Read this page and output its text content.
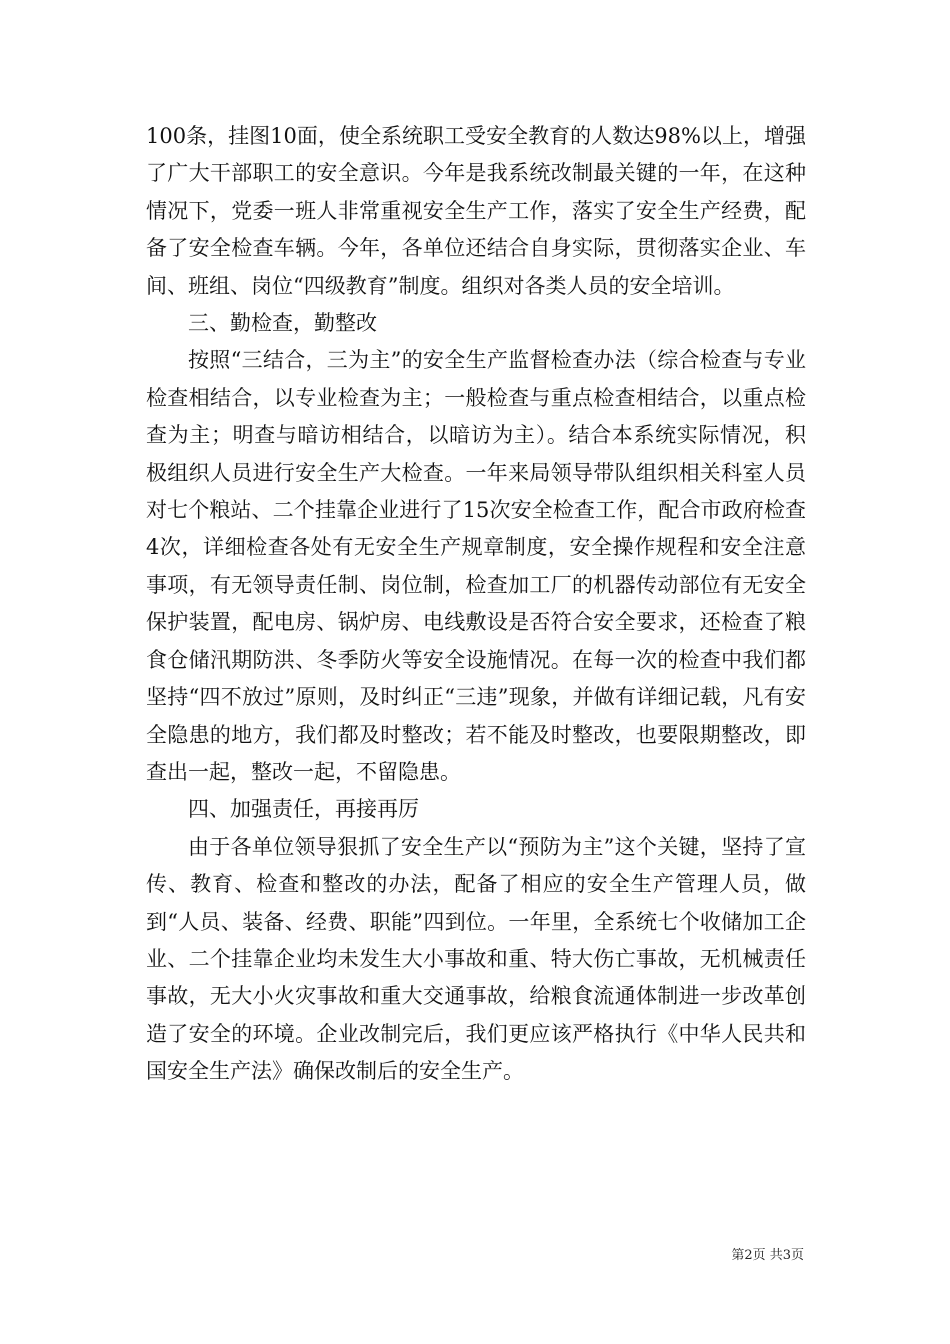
100条，挂图10面，使全系统职工受安全教育的人数达98%以上，增强了广大干部职工的安全意识。今年是我系统改制最关键的一年，在这种情况下，党委一班人非常重视安全生产工作，落实了安全生产经费，配备了安全检查车辆。今年，各单位还结合自身实际，贯彻落实企业、车间、班组、岗位“四级教育”制度。组织对各类人员的安全培训。

三、勤检查，勤整改

按照“三结合，三为主”的安全生产监督检查办法（综合检查与专业检查相结合，以专业检查为主；一般检查与重点检查相结合，以重点检查为主；明查与暗访相结合，以暗访为主）。结合本系统实际情况，积极组织人员进行安全生产大检查。一年来局领导带队组织相关科室人员对七个粮站、二个挂靠企业进行了15次安全检查工作，配合市政府检查4次，详细检查各处有无安全生产规章制度，安全操作规程和安全注意事项，有无领导责任制、岗位制，检查加工厂的机器传动部位有无安全保护装置，配电房、锅炉房、电线敷设是否符合安全要求，还检查了粮食仓储汛期防洪、冬季防火等安全设施情况。在每一次的检查中我们都坚持“四不放过”原则，及时纠正“三违”现象，并做有详细记载，凡有安全隐患的地方，我们都及时整改；若不能及时整改，也要限期整改，即查出一起，整改一起，不留隐患。

四、加强责任，再接再厉

由于各单位领导狠抓了安全生产以“预防为主”这个关键，坚持了宣传、教育、检查和整改的办法，配备了相应的安全生产管理人员，做到“人员、装备、经费、职能”四到位。一年里，全系统七个收储加工企业、二个挂靠企业均未发生大小事故和重、特大伤亡事故，无机械责任事故，无大小火灾事故和重大交通事故，给粮食流通体制进一步改革创造了安全的环境。企业改制完后，我们更应该严格执行《中华人民共和国安全生产法》确保改制后的安全生产。

第2页 共3页
